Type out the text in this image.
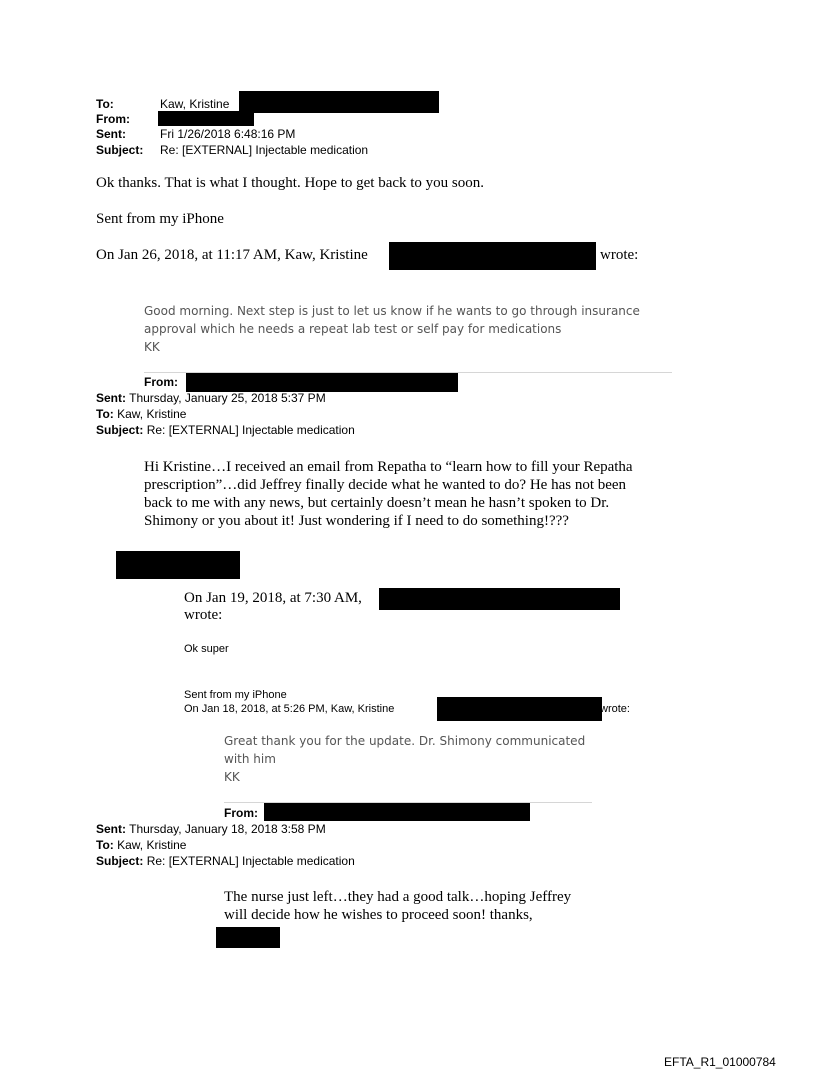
To:	Kaw, Kristine
From:
Sent:	Fri 1/26/2018 6:48:16 PM
Subject: Re: [EXTERNAL] Injectable medication
Ok thanks. That is what I thought. Hope to get back to you soon.
Sent from my iPhone
On Jan 26, 2018, at 11:17 AM, Kaw, Kristine	wrote:
Good morning. Next step is just to let us know if he wants to go through insurance
approval which he needs a repeat lab test or self pay for medications
KK
From:
Sent: Thursday, January 25, 2018 5:37 PM
To: Kaw, Kristine
Subject: Re: [EXTERNAL] Injectable medication
Hi Kristine…I received an email from Repatha to “learn how to fill your Repatha
prescription”…did Jeffrey finally decide what he wanted to do? He has not been
back to me with any news, but certainly doesn’t mean he hasn’t spoken to Dr.
Shimony or you about it! Just wondering if I need to do something!???
On Jan 19, 2018, at 7:30 AM,
wrote:
Ok super
Sent from my iPhone
On Jan 18, 2018, at 5:26 PM, Kaw, Kristine	wrote:
Great thank you for the update. Dr. Shimony communicated
with him
KK
From:
Sent: Thursday, January 18, 2018 3:58 PM
To: Kaw, Kristine
Subject: Re: [EXTERNAL] Injectable medication
The nurse just left…they had a good talk…hoping Jeffrey
will decide how he wishes to proceed soon! thanks,
EFTA_R1_01000784
